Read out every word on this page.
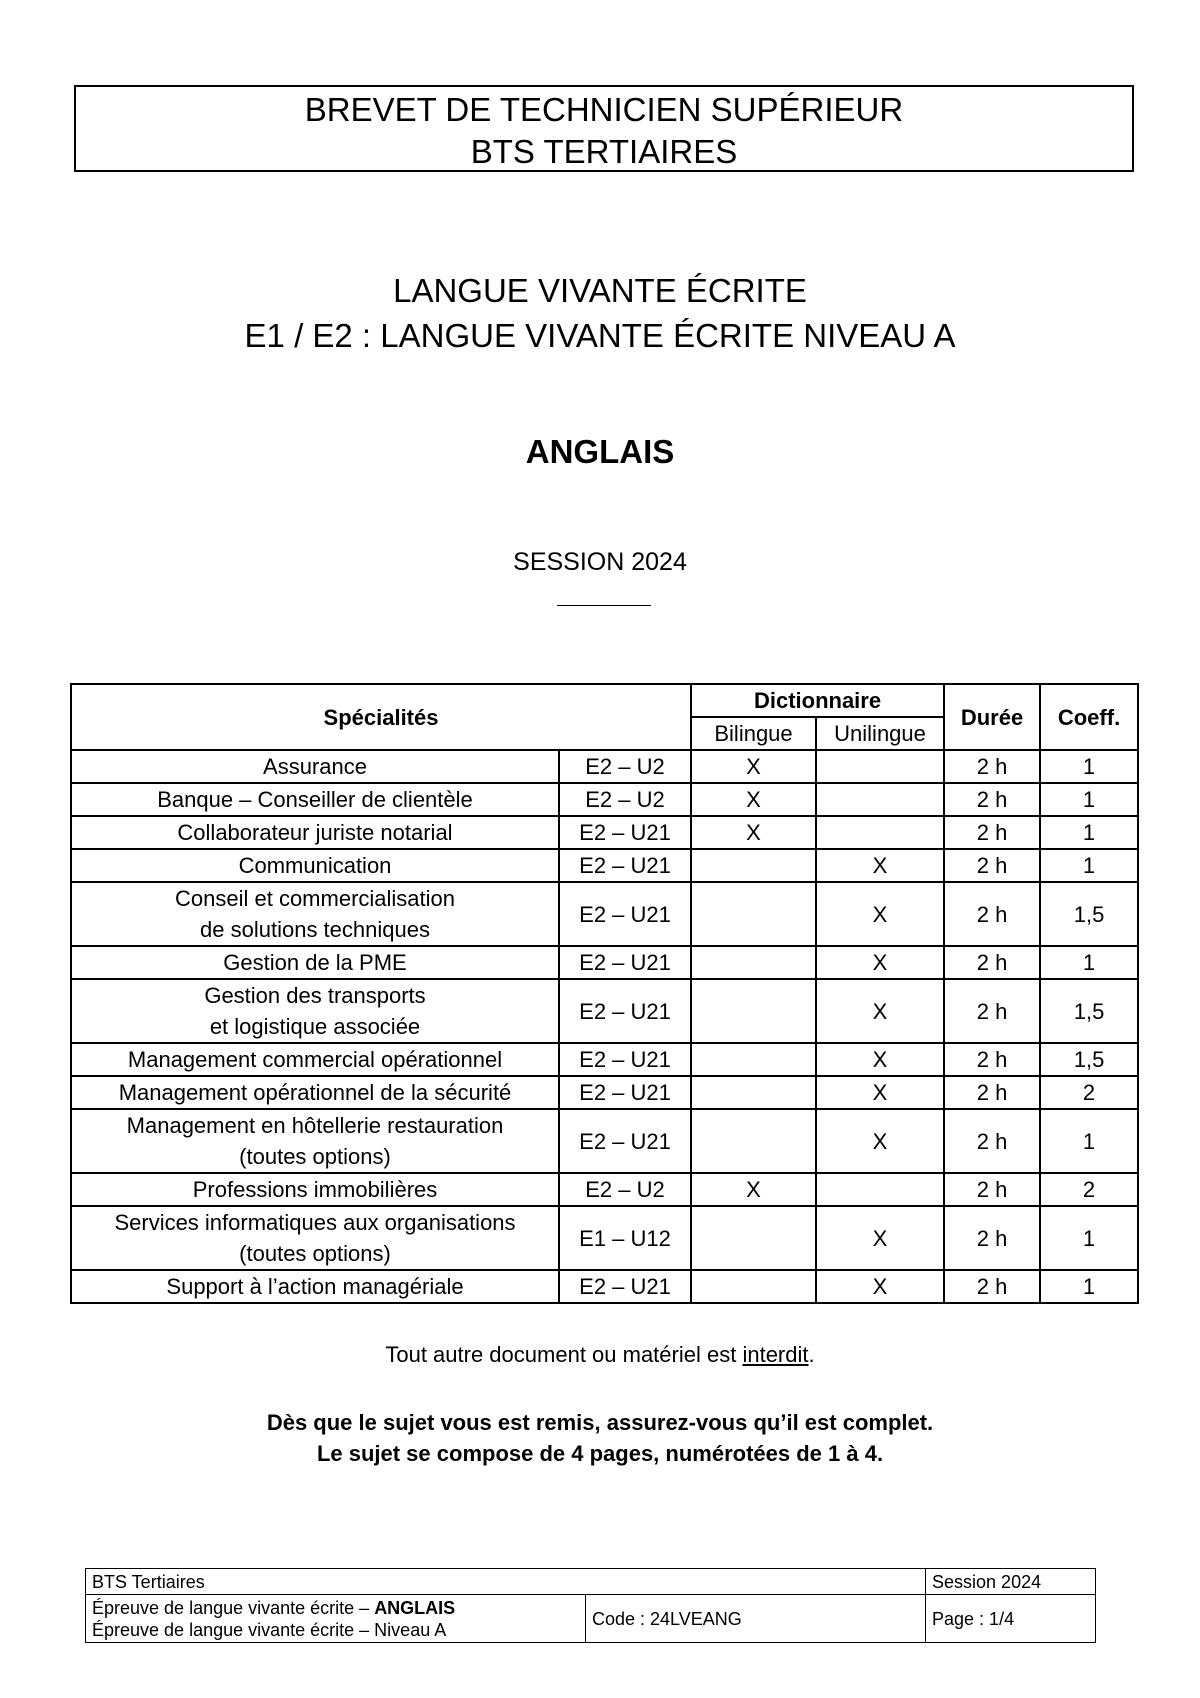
BREVET DE TECHNICIEN SUPÉRIEUR
BTS TERTIAIRES
LANGUE VIVANTE ÉCRITE
E1 / E2 : LANGUE VIVANTE ÉCRITE NIVEAU A
ANGLAIS
SESSION 2024
Spécialités		Dictionnaire		Durée	Coeff.
		Bilingue	Unilingue		

Assurance	E2 – U2	X		2 h	1

Banque – Conseiller de clientèle	E2 – U2	X		2 h	1

Collaborateur juriste notarial	E2 – U21	X		2 h	1

Communication	E2 – U21		X	2 h	1

Conseil et commercialisation
de solutions techniques	E2 – U21		X	2 h	1,5

Gestion de la PME	E2 – U21		X	2 h	1

Gestion des transports
et logistique associée	E2 – U21		X	2 h	1,5

Management commercial opérationnel	E2 – U21		X	2 h	1,5

Management opérationnel de la sécurité	E2 – U21		X	2 h	2

Management en hôtellerie restauration
(toutes options)	E2 – U21		X	2 h	1

Professions immobilières	E2 – U2	X		2 h	2

Services informatiques aux organisations
(toutes options)	E1 – U12		X	2 h	1

Support à l’action managériale	E2 – U21		X	2 h	1
Tout autre document ou matériel est interdit.
Dès que le sujet vous est remis, assurez-vous qu’il est complet.
Le sujet se compose de 4 pages, numérotées de 1 à 4.
BTS Tertiaires		Session 2024

Épreuve de langue vivante écrite – ANGLAIS
Épreuve de langue vivante écrite – Niveau A	Code : 24LVEANG	Page : 1/4
